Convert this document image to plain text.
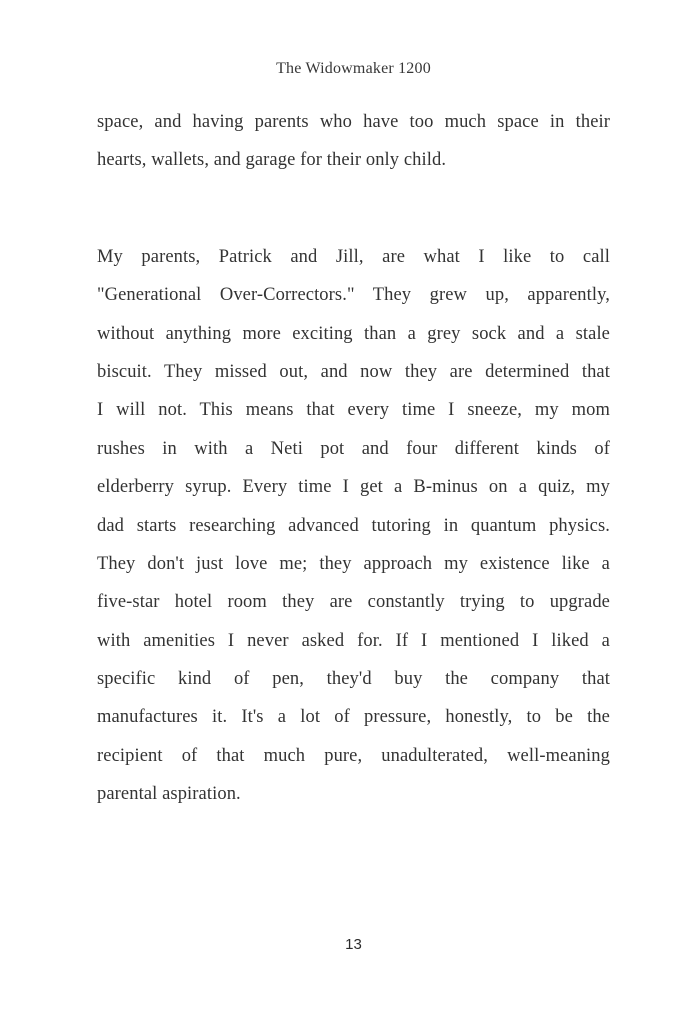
The Widowmaker 1200
space, and having parents who have too much space in their
hearts, wallets, and garage for their only child.
My parents, Patrick and Jill, are what I like to call
"Generational Over-Correctors." They grew up, apparently,
without anything more exciting than a grey sock and a stale
biscuit. They missed out, and now they are determined that
I will not. This means that every time I sneeze, my mom
rushes in with a Neti pot and four different kinds of
elderberry syrup. Every time I get a B-minus on a quiz, my
dad starts researching advanced tutoring in quantum physics.
They don't just love me; they approach my existence like a
five-star hotel room they are constantly trying to upgrade
with amenities I never asked for. If I mentioned I liked a
specific kind of pen, they'd buy the company that
manufactures it. It's a lot of pressure, honestly, to be the
recipient of that much pure, unadulterated, well-meaning
parental aspiration.
13
